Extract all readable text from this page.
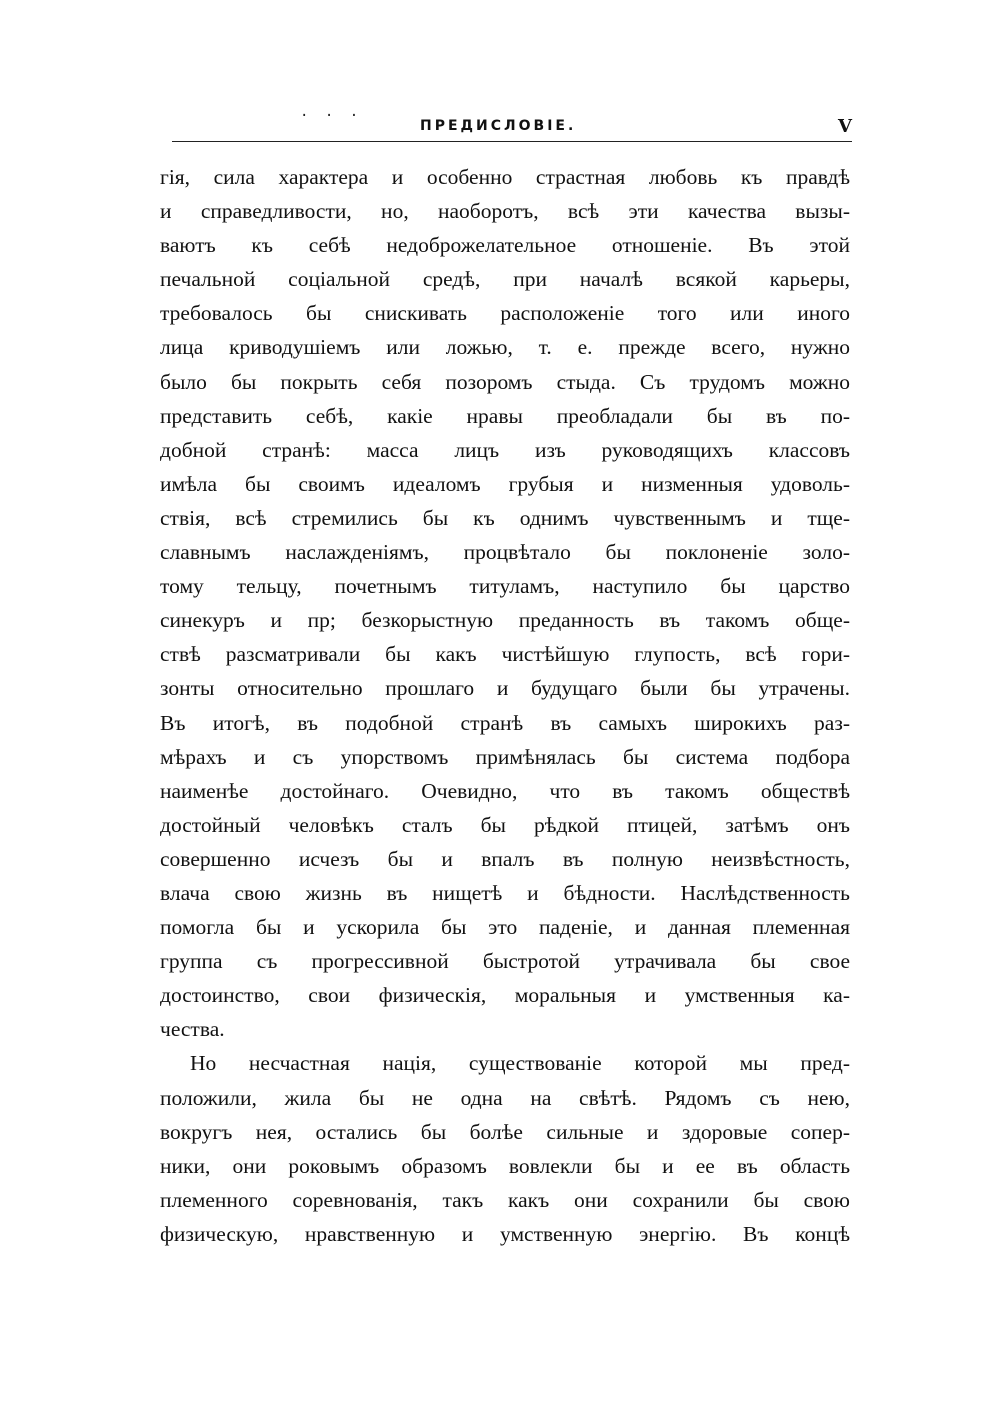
· · ·
ПРЕДИСЛОВІЕ.	V
гія, сила характера и особенно страстная любовь къ правдѣ
и справедливости, но, наоборотъ, всѣ эти качества вызы-
ваютъ къ себѣ недоброжелательное отношеніе. Въ этой
печальной соціальной средѣ, при началѣ всякой карьеры,
требовалось бы снискивать расположеніе того или иного
лица криводушіемъ или ложью, т. е. прежде всего, нужно
было бы покрыть себя позоромъ стыда. Съ трудомъ можно
представить себѣ, какіе нравы преобладали бы въ по-
добной странѣ: масса лицъ изъ руководящихъ классовъ
имѣла бы своимъ идеаломъ грубыя и низменныя удоволь-
ствія, всѣ стремились бы къ однимъ чувственнымъ и тще-
славнымъ наслажденіямъ, процвѣтало бы поклоненіе золо-
тому тельцу, почетнымъ титуламъ, наступило бы царство
синекуръ и пр; безкорыстную преданность въ такомъ обще-
ствѣ разсматривали бы какъ чистѣйшую глупость, всѣ гори-
зонты относительно прошлаго и будущаго были бы утрачены.
Въ итогѣ, въ подобной странѣ въ самыхъ широкихъ раз-
мѣрахъ и съ упорствомъ примѣнялась бы система подбора
наименѣе достойнаго. Очевидно, что въ такомъ обществѣ
достойный человѣкъ сталъ бы рѣдкой птицей, затѣмъ онъ
совершенно исчезъ бы и впалъ въ полную неизвѣстность,
влача свою жизнь въ нищетѣ и бѣдности. Наслѣдственность
помогла бы и ускорила бы это паденіе, и данная племенная
группа съ прогрессивной быстротой утрачивала бы свое
достоинство, свои физическія, моральныя и умственныя ка-
чества.
Но несчастная нація, существованіе которой мы пред-
положили, жила бы не одна на свѣтѣ. Рядомъ съ нею,
вокругъ нея, остались бы болѣе сильные и здоровые сопер-
ники, они роковымъ образомъ вовлекли бы и ее въ область
племенного соревнованія, такъ какъ они сохранили бы свою
физическую, нравственную и умственную энергію. Въ концѣ
